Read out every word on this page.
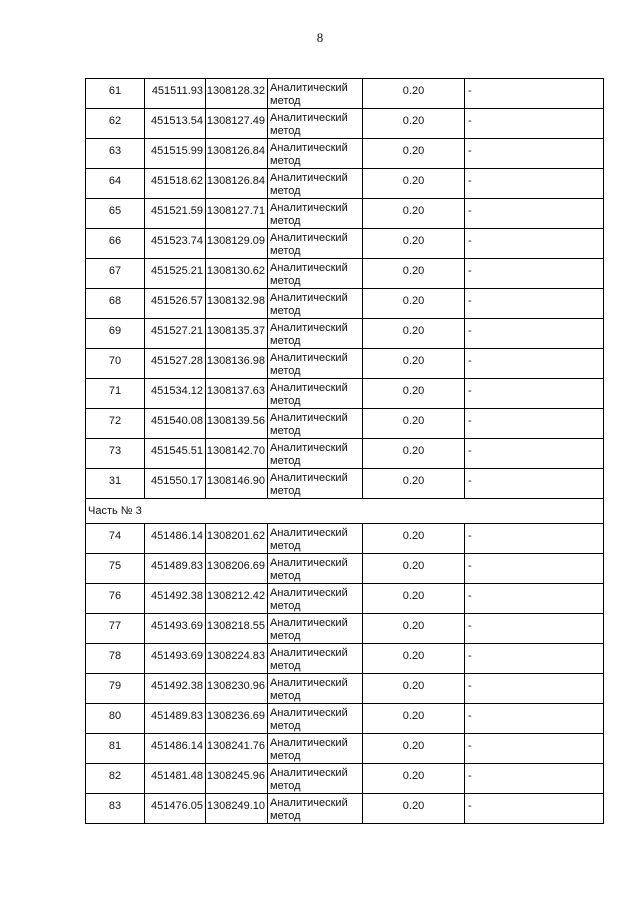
8
61	451511.93	1308128.32	Аналитический метод	0.20	-
62	451513.54	1308127.49	Аналитический метод	0.20	-
63	451515.99	1308126.84	Аналитический метод	0.20	-
64	451518.62	1308126.84	Аналитический метод	0.20	-
65	451521.59	1308127.71	Аналитический метод	0.20	-
66	451523.74	1308129.09	Аналитический метод	0.20	-
67	451525.21	1308130.62	Аналитический метод	0.20	-
68	451526.57	1308132.98	Аналитический метод	0.20	-
69	451527.21	1308135.37	Аналитический метод	0.20	-
70	451527.28	1308136.98	Аналитический метод	0.20	-
71	451534.12	1308137.63	Аналитический метод	0.20	-
72	451540.08	1308139.56	Аналитический метод	0.20	-
73	451545.51	1308142.70	Аналитический метод	0.20	-
31	451550.17	1308146.90	Аналитический метод	0.20	-
Часть № 3					
74	451486.14	1308201.62	Аналитический метод	0.20	-
75	451489.83	1308206.69	Аналитический метод	0.20	-
76	451492.38	1308212.42	Аналитический метод	0.20	-
77	451493.69	1308218.55	Аналитический метод	0.20	-
78	451493.69	1308224.83	Аналитический метод	0.20	-
79	451492.38	1308230.96	Аналитический метод	0.20	-
80	451489.83	1308236.69	Аналитический метод	0.20	-
81	451486.14	1308241.76	Аналитический метод	0.20	-
82	451481.48	1308245.96	Аналитический метод	0.20	-
83	451476.05	1308249.10	Аналитический метод	0.20	-
